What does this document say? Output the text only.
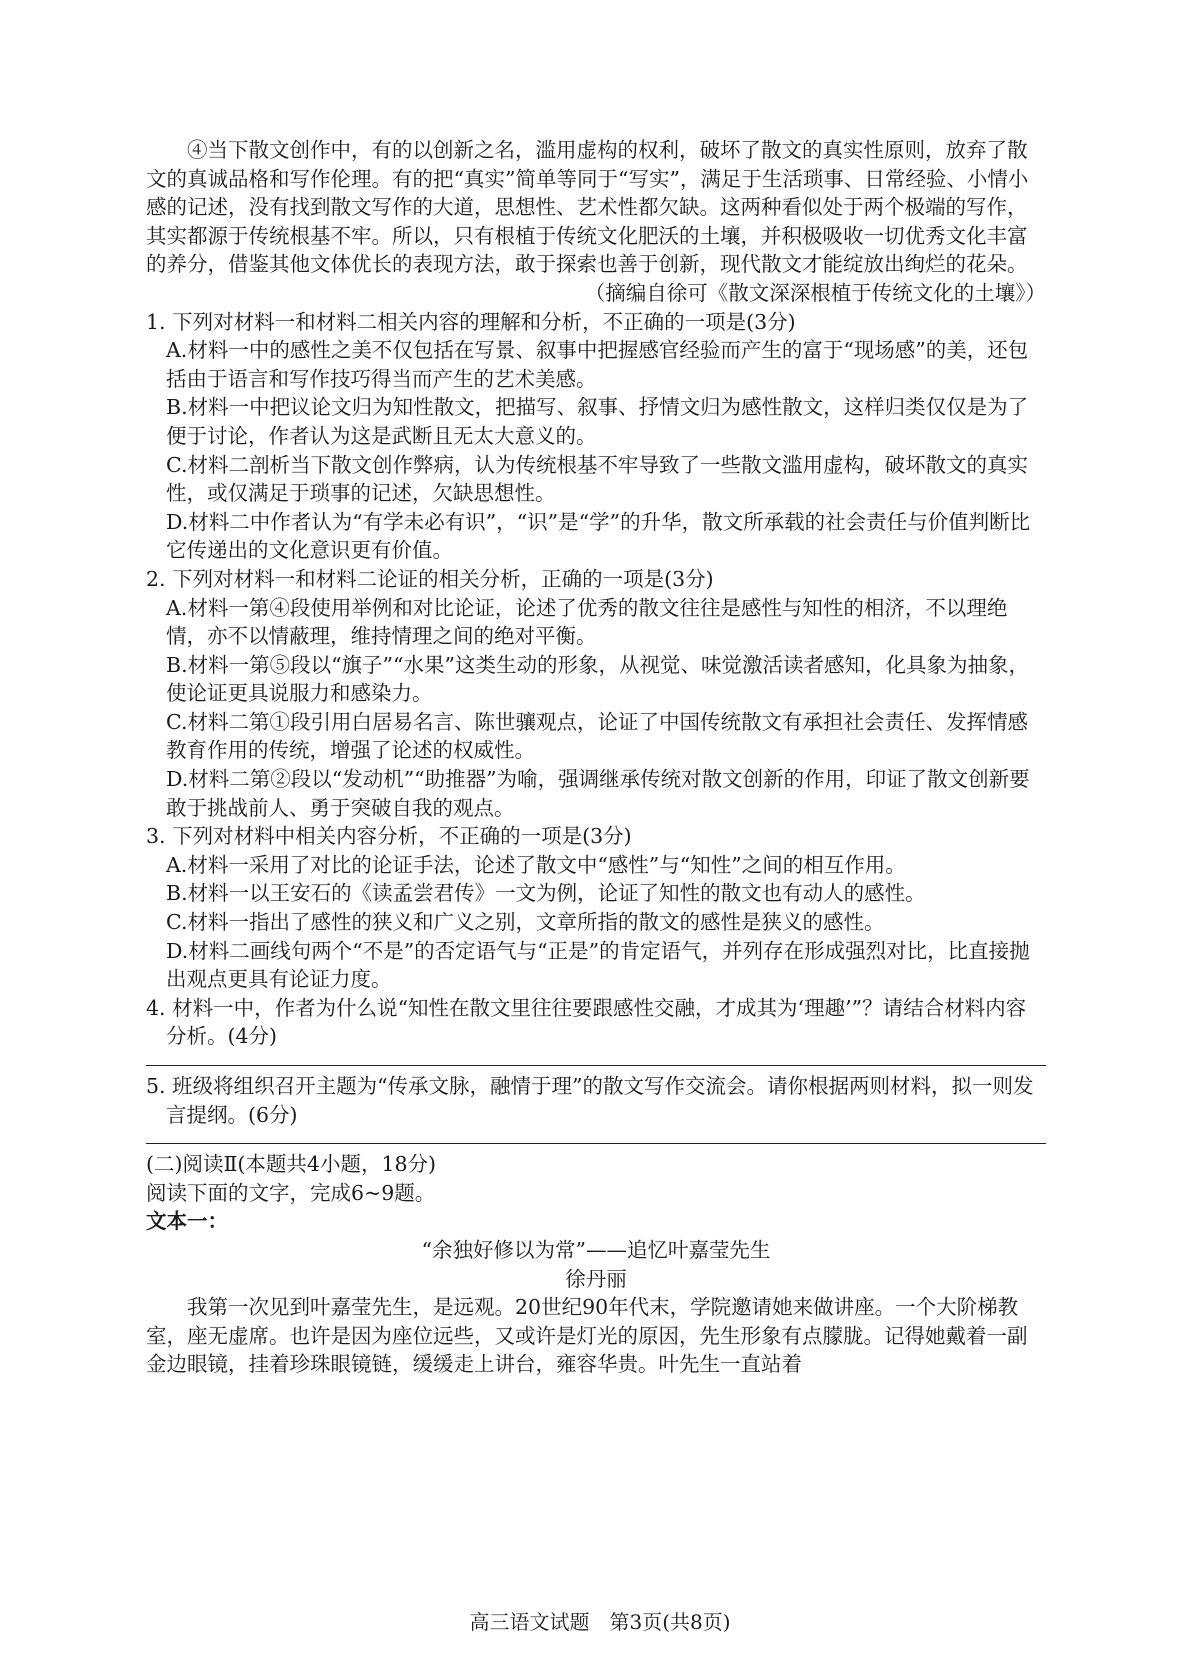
④当下散文创作中，有的以创新之名，滥用虚构的权利，破坏了散文的真实性原则，放弃了散文的真诚品格和写作伦理。有的把“真实”简单等同于“写实”，满足于生活琐事、日常经验、小情小感的记述，没有找到散文写作的大道，思想性、艺术性都欠缺。这两种看似处于两个极端的写作，其实都源于传统根基不牢。所以，只有根植于传统文化肥沃的土壤，并积极吸收一切优秀文化丰富的养分，借鉴其他文体优长的表现方法，敢于探索也善于创新，现代散文才能绽放出绚烂的花朵。

（摘编自徐可《散文深深根植于传统文化的土壤》）

1. 下列对材料一和材料二相关内容的理解和分析，不正确的一项是(3分)

A.材料一中的感性之美不仅包括在写景、叙事中把握感官经验而产生的富于“现场感”的美，还包括由于语言和写作技巧得当而产生的艺术美感。

B.材料一中把议论文归为知性散文，把描写、叙事、抒情文归为感性散文，这样归类仅仅是为了便于讨论，作者认为这是武断且无太大意义的。

C.材料二剖析当下散文创作弊病，认为传统根基不牢导致了一些散文滥用虚构，破坏散文的真实性，或仅满足于琐事的记述，欠缺思想性。

D.材料二中作者认为“有学未必有识”，“识”是“学”的升华，散文所承载的社会责任与价值判断比它传递出的文化意识更有价值。

2. 下列对材料一和材料二论证的相关分析，正确的一项是(3分)

A.材料一第④段使用举例和对比论证，论述了优秀的散文往往是感性与知性的相济，不以理绝情，亦不以情蔽理，维持情理之间的绝对平衡。

B.材料一第⑤段以“旗子”“水果”这类生动的形象，从视觉、味觉激活读者感知，化具象为抽象，使论证更具说服力和感染力。

C.材料二第①段引用白居易名言、陈世骧观点，论证了中国传统散文有承担社会责任、发挥情感教育作用的传统，增强了论述的权威性。

D.材料二第②段以“发动机”“助推器”为喻，强调继承传统对散文创新的作用，印证了散文创新要敢于挑战前人、勇于突破自我的观点。

3. 下列对材料中相关内容分析，不正确的一项是(3分)

A.材料一采用了对比的论证手法，论述了散文中“感性”与“知性”之间的相互作用。

B.材料一以王安石的《读孟尝君传》一文为例，论证了知性的散文也有动人的感性。

C.材料一指出了感性的狭义和广义之别，文章所指的散文的感性是狭义的感性。

D.材料二画线句两个“不是”的否定语气与“正是”的肯定语气，并列存在形成强烈对比，比直接抛出观点更具有论证力度。

4. 材料一中，作者为什么说“知性在散文里往往要跟感性交融，才成其为‘理趣’”？请结合材料内容分析。(4分)

5. 班级将组织召开主题为“传承文脉，融情于理”的散文写作交流会。请你根据两则材料，拟一则发言提纲。(6分)

(二)阅读Ⅱ(本题共4小题，18分)

阅读下面的文字，完成6~9题。

文本一：

“余独好修以为常”——追忆叶嘉莹先生

徐丹丽

我第一次见到叶嘉莹先生，是远观。20世纪90年代末，学院邀请她来做讲座。一个大阶梯教室，座无虚席。也许是因为座位远些，又或许是灯光的原因，先生形象有点朦胧。记得她戴着一副金边眼镜，挂着珍珠眼镜链，缓缓走上讲台，雍容华贵。叶先生一直站着

高三语文试题　第3页(共8页)
